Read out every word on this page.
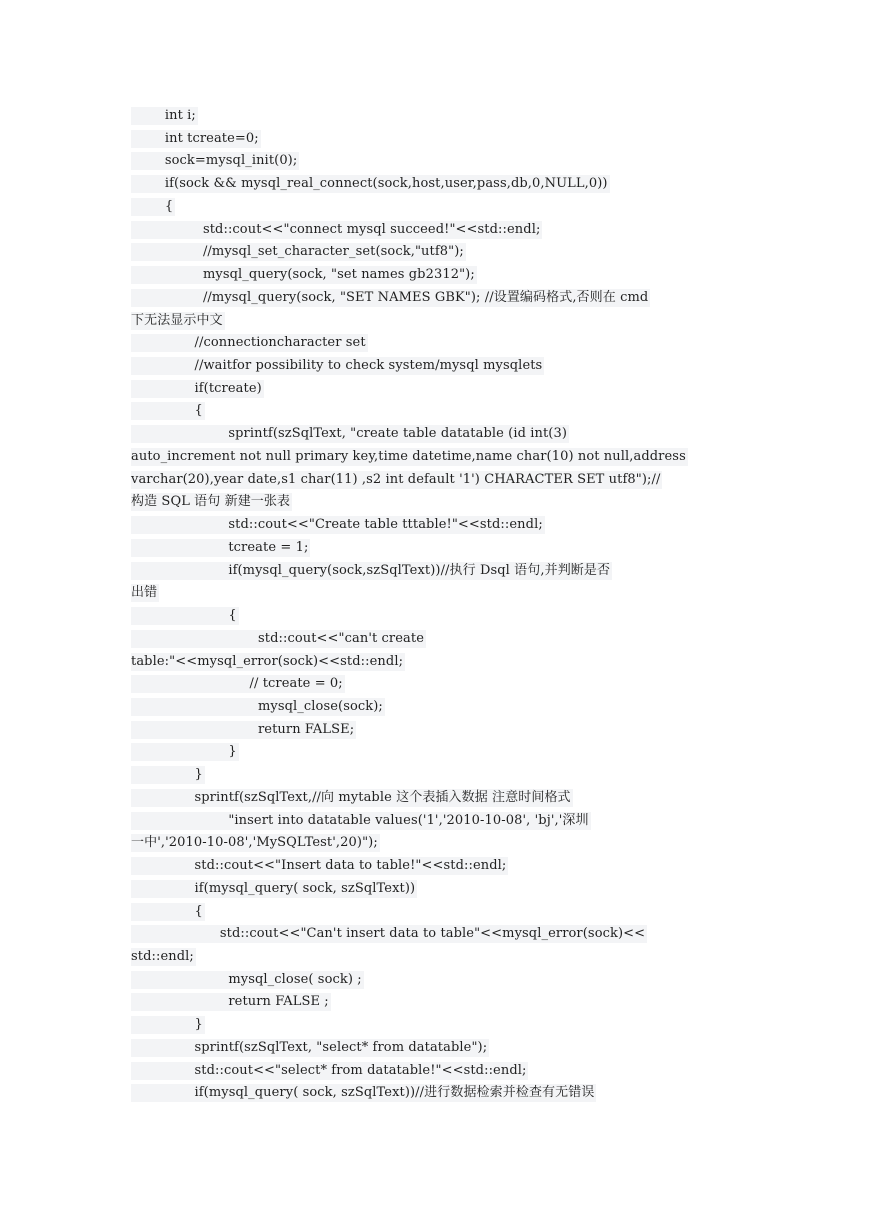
int i;
int tcreate=0;
sock=mysql_init(0);
if(sock && mysql_real_connect(sock,host,user,pass,db,0,NULL,0))
{
std::cout<<"connect mysql succeed!"<<std::endl;
//mysql_set_character_set(sock,"utf8");
mysql_query(sock, "set names gb2312");
//mysql_query(sock, "SET NAMES GBK"); //设置编码格式,否则在 cmd
下无法显示中文
//connectioncharacter set
//waitfor possibility to check system/mysql mysqlets
if(tcreate)
{
sprintf(szSqlText, "create table datatable (id int(3)
auto_increment not null primary key,time datetime,name char(10) not null,address
varchar(20),year date,s1 char(11) ,s2 int default '1') CHARACTER SET utf8");//
构造 SQL 语句 新建一张表
std::cout<<"Create table tttable!"<<std::endl;
tcreate = 1;
if(mysql_query(sock,szSqlText))//执行 Dsql 语句,并判断是否
出错
{
std::cout<<"can't create
table:"<<mysql_error(sock)<<std::endl;
// tcreate = 0;
mysql_close(sock);
return FALSE;
}
}
sprintf(szSqlText,//向 mytable 这个表插入数据 注意时间格式
"insert into datatable values('1','2010-10-08', 'bj','深圳
一中','2010-10-08','MySQLTest',20)");
std::cout<<"Insert data to table!"<<std::endl;
if(mysql_query( sock, szSqlText))
{
std::cout<<"Can't insert data to table"<<mysql_error(sock)<<
std::endl;
mysql_close( sock) ;
return FALSE ;
}
sprintf(szSqlText, "select* from datatable");
std::cout<<"select* from datatable!"<<std::endl;
if(mysql_query( sock, szSqlText))//进行数据检索并检查有无错误
